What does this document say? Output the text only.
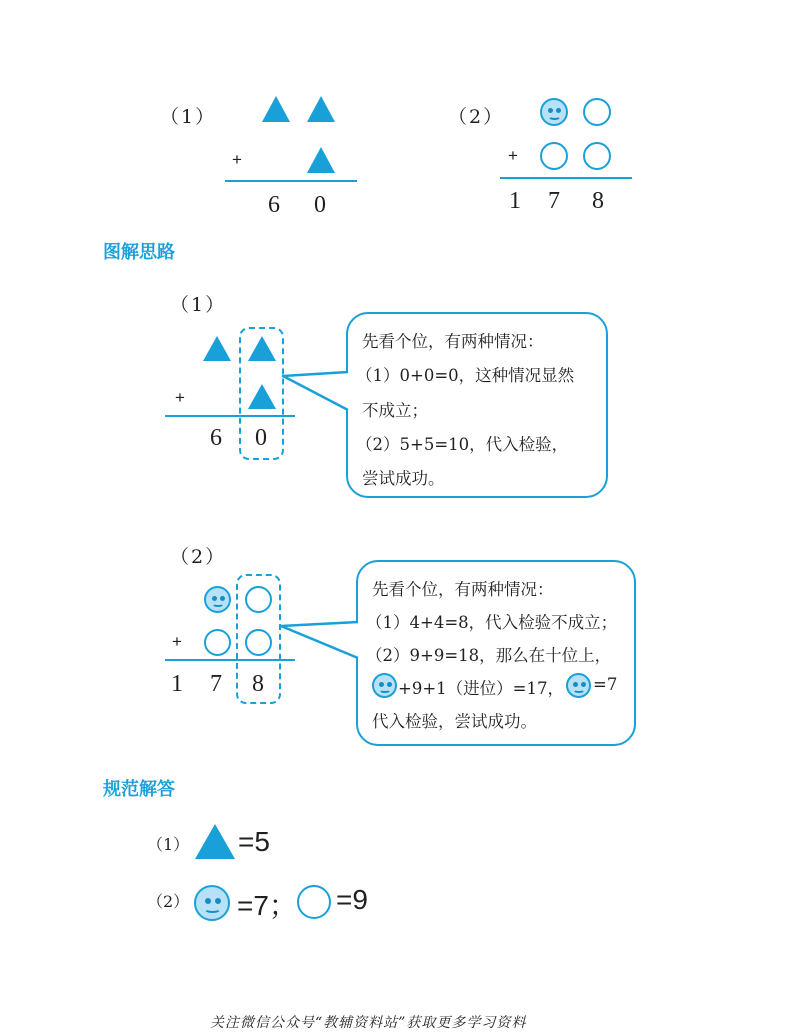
（1）
+
6 0
（2）
+
1 7 8
图解思路
（1）
+
6 0
先看个位，有两种情况：
（1）0+0=0，这种情况显然
不成立；
（2）5+5=10，代入检验，
尝试成功。
（2）
+
1 7 8
先看个位，有两种情况：
（1）4+4=8，代入检验不成立；
（2）9+9=18，那么在十位上，
+9+1（进位）=17， =7
代入检验，尝试成功。
规范解答
（1） =5
（2） =7； =9
关注微信公众号“教辅资料站”获取更多学习资料
